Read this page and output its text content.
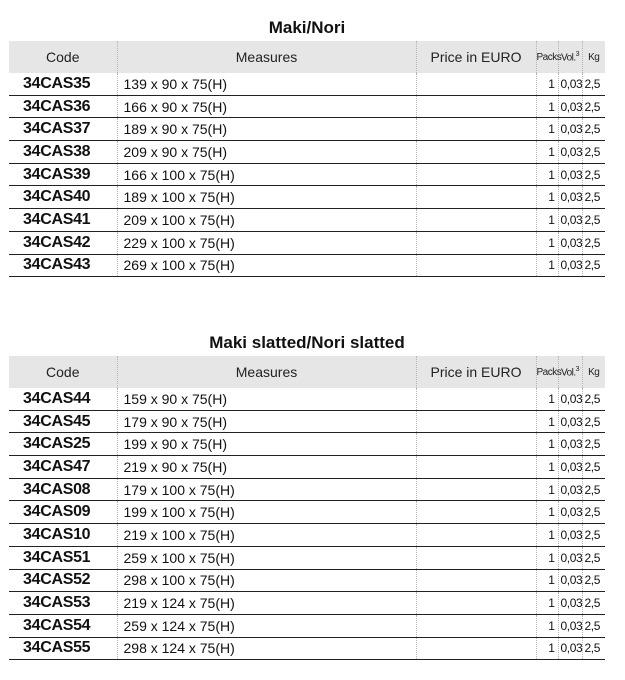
Maki/Nori
Code	Measures	Price in EURO	Packs	Vol.$^3$	Kg
34CAS35	139 x 90 x 75(H)		1	0,03	2,5
34CAS36	166 x 90 x 75(H)		1	0,03	2,5
34CAS37	189 x 90 x 75(H)		1	0,03	2,5
34CAS38	209 x 90 x 75(H)		1	0,03	2,5
34CAS39	166 x 100 x 75(H)		1	0,03	2,5
34CAS40	189 x 100 x 75(H)		1	0,03	2,5
34CAS41	209 x 100 x 75(H)		1	0,03	2,5
34CAS42	229 x 100 x 75(H)		1	0,03	2,5
34CAS43	269 x 100 x 75(H)		1	0,03	2,5
Maki slatted/Nori slatted
Code	Measures	Price in EURO	Packs	Vol.$^3$	Kg
34CAS44	159 x 90 x 75(H)		1	0,03	2,5
34CAS45	179 x 90 x 75(H)		1	0,03	2,5
34CAS25	199 x 90 x 75(H)		1	0,03	2,5
34CAS47	219 x 90 x 75(H)		1	0,03	2,5
34CAS08	179 x 100 x 75(H)		1	0,03	2,5
34CAS09	199 x 100 x 75(H)		1	0,03	2,5
34CAS10	219 x 100 x 75(H)		1	0,03	2,5
34CAS51	259 x 100 x 75(H)		1	0,03	2,5
34CAS52	298 x 100 x 75(H)		1	0,03	2,5
34CAS53	219 x 124 x 75(H)		1	0,03	2,5
34CAS54	259 x 124 x 75(H)		1	0,03	2,5
34CAS55	298 x 124 x 75(H)		1	0,03	2,5
